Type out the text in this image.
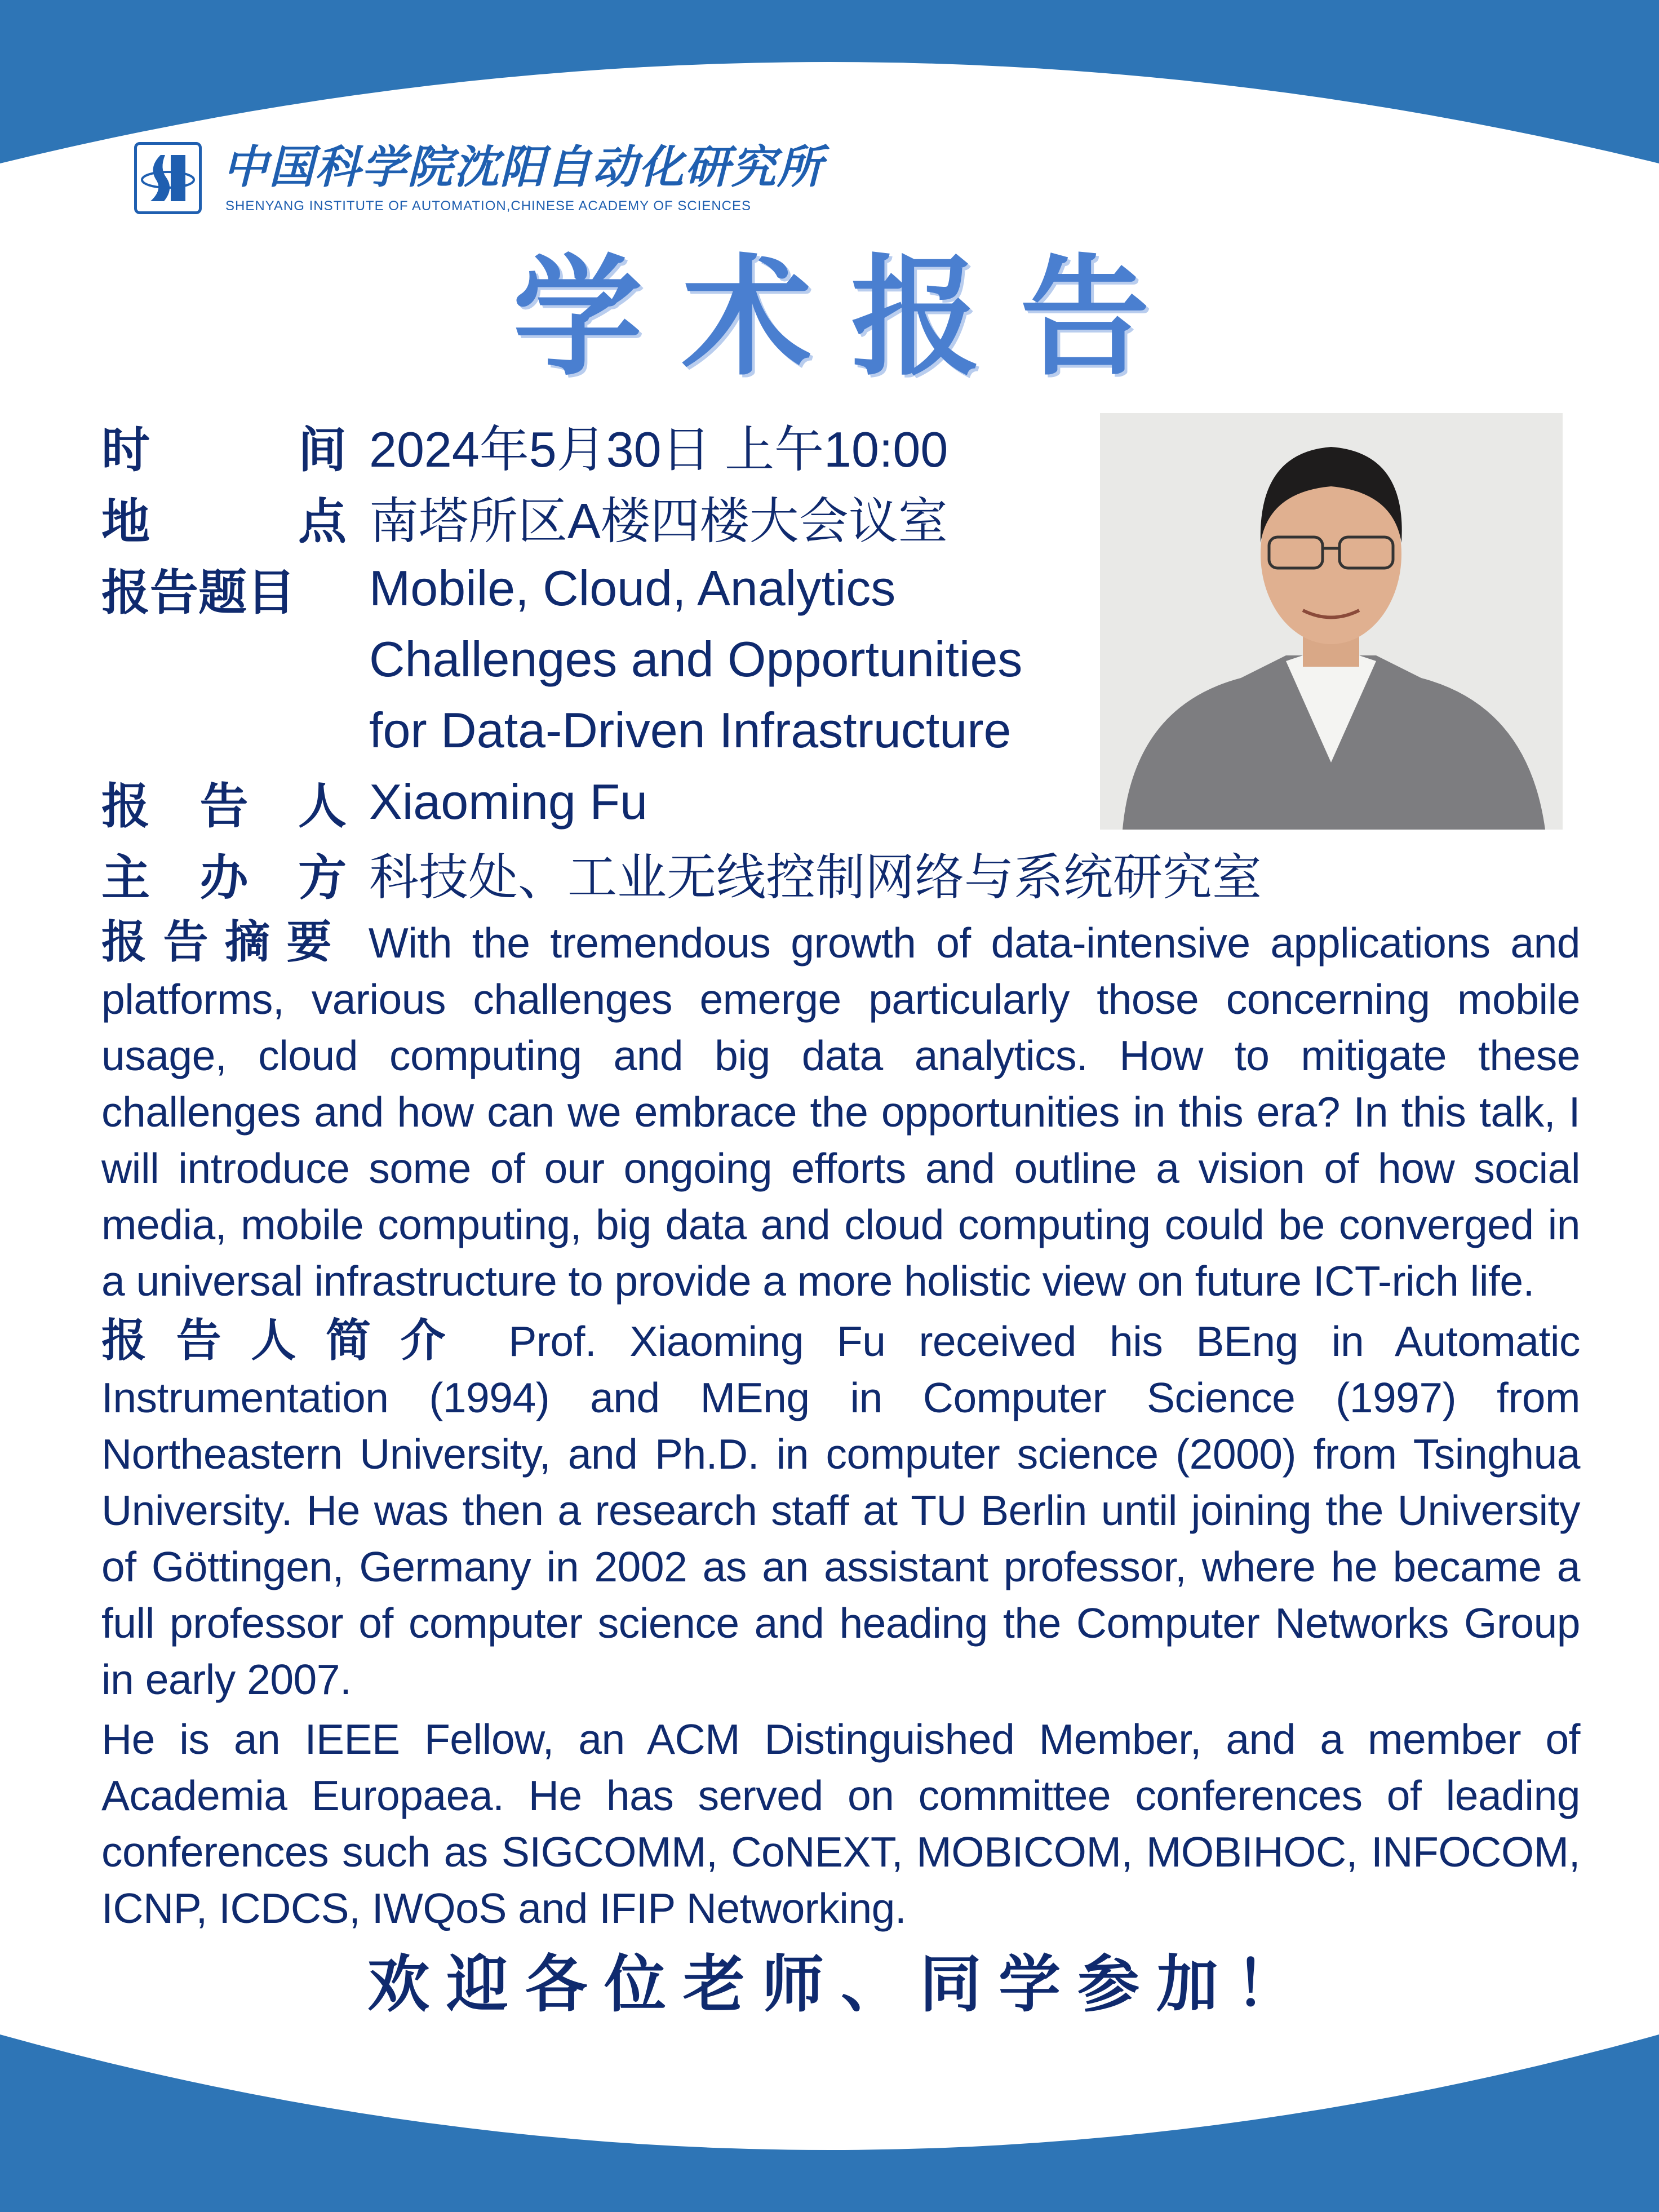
中国科学院沈阳自动化研究所
SHENYANG INSTITUTE OF AUTOMATION,CHINESE ACADEMY OF SCIENCES
学术报告
时	间 2024年5月30日 上午10:00
地	点 南塔所区A楼四楼大会议室
报告题目 Mobile, Cloud, Analytics
Challenges and Opportunities
for Data-Driven Infrastructure
报 告 人 Xiaoming Fu
主 办 方 科技处、工业无线控制网络与系统研究室
报告摘要 With the tremendous growth of data-intensive applications and platforms, various challenges emerge particularly those concerning mobile usage, cloud computing and big data analytics. How to mitigate these challenges and how can we embrace the opportunities in this era? In this talk, I will introduce some of our ongoing efforts and outline a vision of how social media, mobile computing, big data and cloud computing could be converged in a universal infrastructure to provide a more holistic view on future ICT-rich life.
报告人简介 Prof. Xiaoming Fu received his BEng in Automatic Instrumentation (1994) and MEng in Computer Science (1997) from Northeastern University, and Ph.D. in computer science (2000) from Tsinghua University. He was then a research staff at TU Berlin until joining the University of Göttingen, Germany in 2002 as an assistant professor, where he became a full professor of computer science and heading the Computer Networks Group in early 2007.
He is an IEEE Fellow, an ACM Distinguished Member, and a member of Academia Europaea. He has served on committee conferences of leading conferences such as SIGCOMM, CoNEXT, MOBICOM, MOBIHOC, INFOCOM, ICNP, ICDCS, IWQoS and IFIP Networking.
欢迎各位老师、同学参加！
